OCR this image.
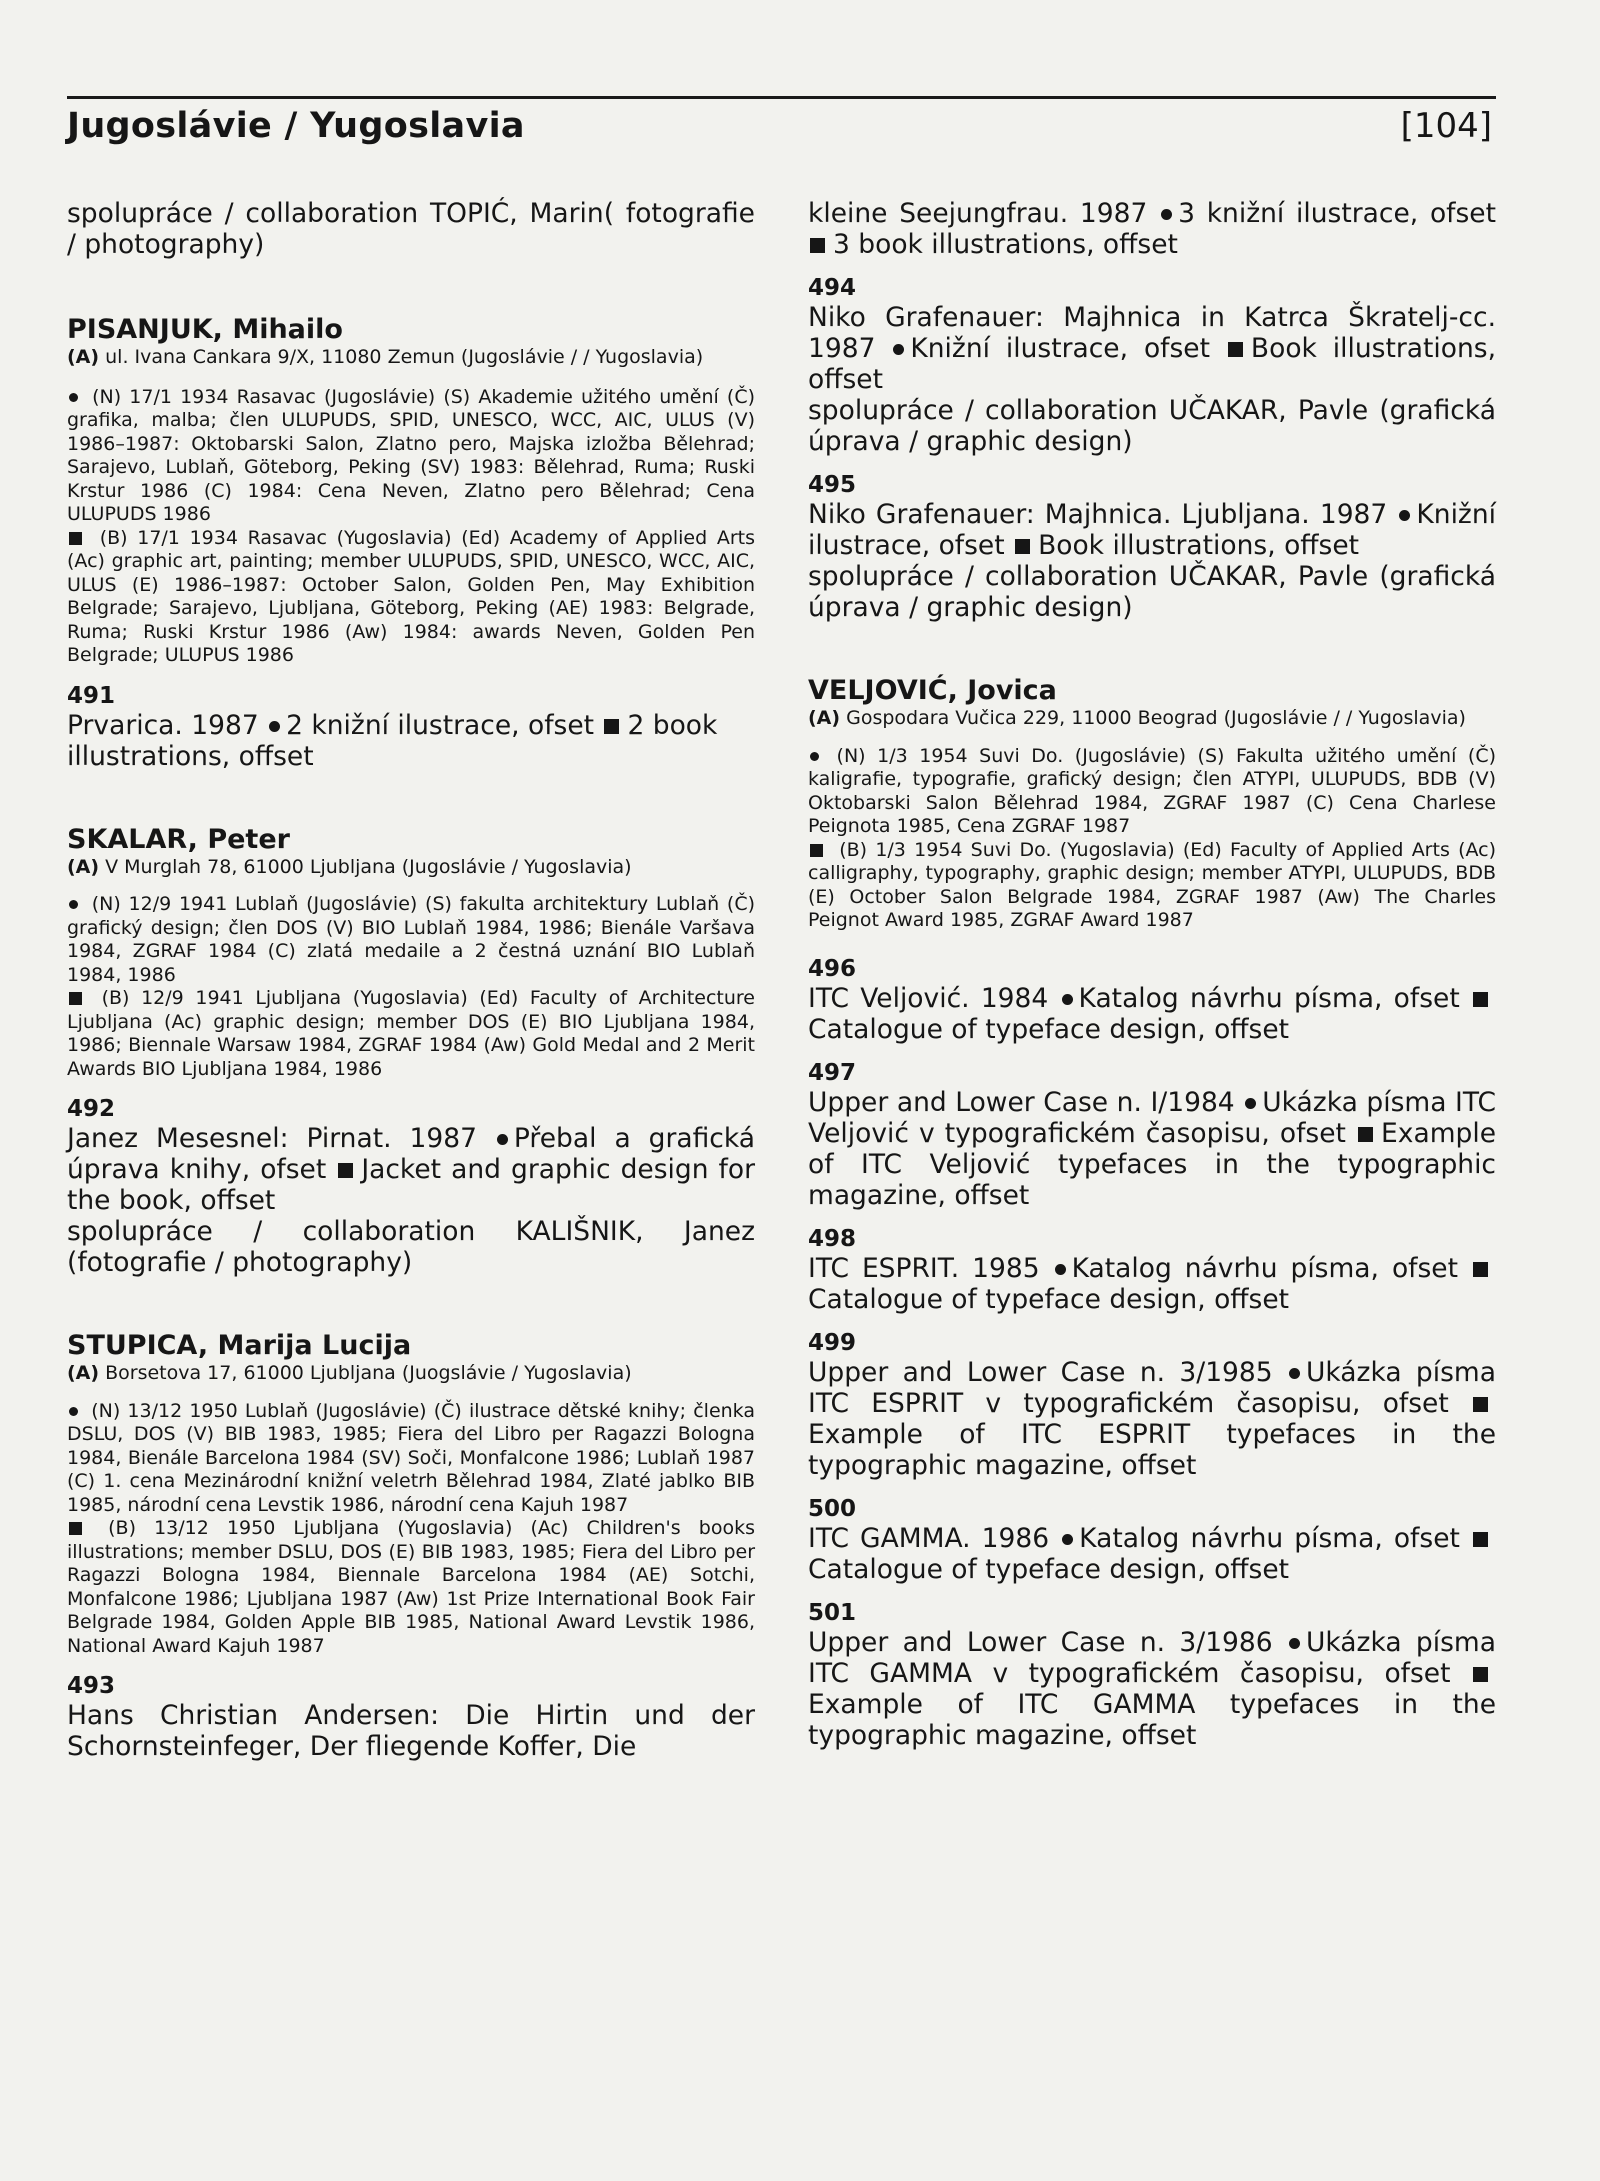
Jugoslávie / Yugoslavia	[104]

spolupráce / collaboration TOPIĆ, Marin( fotografie / photography)

PISANJUK, Mihailo

(A) ul. Ivana Cankara 9/X, 11080 Zemun (Jugoslávie / / Yugoslavia)

(N) 17/1 1934 Rasavac (Jugoslávie) (S) Akademie užitého umění (Č) grafika, malba; člen ULUPUDS, SPID, UNESCO, WCC, AIC, ULUS (V) 1986–1987: Oktobarski Salon, Zlatno pero, Majska izložba Bělehrad; Sarajevo, Lublaň, Göteborg, Peking (SV) 1983: Bělehrad, Ruma; Ruski Krstur 1986 (C) 1984: Cena Neven, Zlatno pero Bělehrad; Cena ULUPUDS 1986

(B) 17/1 1934 Rasavac (Yugoslavia) (Ed) Academy of Applied Arts (Ac) graphic art, painting; member ULUPUDS, SPID, UNESCO, WCC, AIC, ULUS (E) 1986–1987: October Salon, Golden Pen, May Exhibition Belgrade; Sarajevo, Ljubljana, Göteborg, Peking (AE) 1983: Belgrade, Ruma; Ruski Krstur 1986 (Aw) 1984: awards Neven, Golden Pen Belgrade; ULUPUS 1986

491

Prvarica. 1987 2 knižní ilustrace, ofset 2 book illustrations, offset

SKALAR, Peter

(A) V Murglah 78, 61000 Ljubljana (Jugoslávie / Yugoslavia)

(N) 12/9 1941 Lublaň (Jugoslávie) (S) fakulta architektury Lublaň (Č) grafický design; člen DOS (V) BIO Lublaň 1984, 1986; Bienále Varšava 1984, ZGRAF 1984 (C) zlatá medaile a 2 čestná uznání BIO Lublaň 1984, 1986

(B) 12/9 1941 Ljubljana (Yugoslavia) (Ed) Faculty of Architecture Ljubljana (Ac) graphic design; member DOS (E) BIO Ljubljana 1984, 1986; Biennale Warsaw 1984, ZGRAF 1984 (Aw) Gold Medal and 2 Merit Awards BIO Ljubljana 1984, 1986

492

Janez Mesesnel: Pirnat. 1987 Přebal a grafická úprava knihy, ofset Jacket and graphic design for the book, offset

spolupráce / collaboration KALIŠNIK, Janez (fotografie / photography)

STUPICA, Marija Lucija

(A) Borsetova 17, 61000 Ljubljana (Juogslávie / Yugoslavia)

(N) 13/12 1950 Lublaň (Jugoslávie) (Č) ilustrace dětské knihy; členka DSLU, DOS (V) BIB 1983, 1985; Fiera del Libro per Ragazzi Bologna 1984, Bienále Barcelona 1984 (SV) Soči, Monfalcone 1986; Lublaň 1987 (C) 1. cena Mezinárodní knižní veletrh Bělehrad 1984, Zlaté jablko BIB 1985, národní cena Levstik 1986, národní cena Kajuh 1987

(B) 13/12 1950 Ljubljana (Yugoslavia) (Ac) Children's books illustrations; member DSLU, DOS (E) BIB 1983, 1985; Fiera del Libro per Ragazzi Bologna 1984, Biennale Barcelona 1984 (AE) Sotchi, Monfalcone 1986; Ljubljana 1987 (Aw) 1st Prize International Book Fair Belgrade 1984, Golden Apple BIB 1985, National Award Levstik 1986, National Award Kajuh 1987

493

Hans Christian Andersen: Die Hirtin und der Schornsteinfeger, Der fliegende Koffer, Die

kleine Seejungfrau. 1987 3 knižní ilustrace, ofset 3 book illustrations, offset

494

Niko Grafenauer: Majhnica in Katrca Škratelj-cc. 1987 Knižní ilustrace, ofset Book illustrations, offset

spolupráce / collaboration UČAKAR, Pavle (grafická úprava / graphic design)

495

Niko Grafenauer: Majhnica. Ljubljana. 1987 Knižní ilustrace, ofset Book illustrations, offset

spolupráce / collaboration UČAKAR, Pavle (grafická úprava / graphic design)

VELJOVIĆ, Jovica

(A) Gospodara Vučica 229, 11000 Beograd (Jugoslávie / / Yugoslavia)

(N) 1/3 1954 Suvi Do. (Jugoslávie) (S) Fakulta užitého umění (Č) kaligrafie, typografie, grafický design; člen ATYPI, ULUPUDS, BDB (V) Oktobarski Salon Bělehrad 1984, ZGRAF 1987 (C) Cena Charlese Peignota 1985, Cena ZGRAF 1987

(B) 1/3 1954 Suvi Do. (Yugoslavia) (Ed) Faculty of Applied Arts (Ac) calligraphy, typography, graphic design; member ATYPI, ULUPUDS, BDB (E) October Salon Belgrade 1984, ZGRAF 1987 (Aw) The Charles Peignot Award 1985, ZGRAF Award 1987

496

ITC Veljović. 1984 Katalog návrhu písma, ofset Catalogue of typeface design, offset

497

Upper and Lower Case n. I/1984 Ukázka písma ITC Veljović v typografickém časopisu, ofset Example of ITC Veljović typefaces in the typographic magazine, offset

498

ITC ESPRIT. 1985 Katalog návrhu písma, ofset Catalogue of typeface design, offset

499

Upper and Lower Case n. 3/1985 Ukázka písma ITC ESPRIT v typografickém časopisu, ofset Example of ITC ESPRIT typefaces in the typographic magazine, offset

500

ITC GAMMA. 1986 Katalog návrhu písma, ofset Catalogue of typeface design, offset

501

Upper and Lower Case n. 3/1986 Ukázka písma ITC GAMMA v typografickém časopisu, ofset Example of ITC GAMMA typefaces in the typographic magazine, offset
